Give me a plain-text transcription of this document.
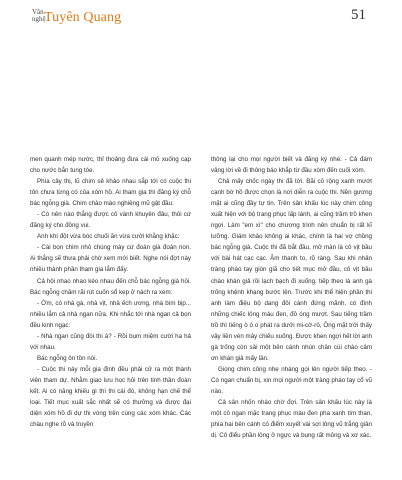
Văn
nghệ
Tuyên Quang	51

men quanh mép nước, thỉ thoảng đưa cái mỏ xuống cạp cho nước bắn tung tóe.

Phía cây thị, lũ chim sẻ khảo nhau sắp tới có cuộc thi tôn chưa từng có của xóm hồ. Ai tham gia thì đăng ký chỗ bác ngỗng già. Chim chào mào nghiêng mũ gật đầu:

- Có nên nào thắng được cô vành khuyên đâu, thôi cứ đăng ký cho đông vui.

Anh khí đột vừa bóc chuối ăn vừa cười khằng khặc:

- Cái bọn chim nhỏ chúng mày cứ đoán già đoán non. Ai thắng sẽ thưa phải chờ xem mới biết. Nghe nói đợt này nhiều thành phần tham gia lắm đấy.

Cả hội nhao nhao kéo nhau đến chỗ bác ngỗng già hỏi. Bác ngỗng chăm rãi rút cuốn sổ kẹp ở nách ra xem:

- Ờm, có nhà gà, nhà vịt, nhà ếch ương, nhà bìm bịp... nhiều lắm cả nhà ngan nữa. Khi nhắc tới nhà ngan cả bọn đều kinh ngạc:

- Nhà ngan cũng đòi thi á? - Rồi bụm miệm cười ha hả với nhau.

Bác ngỗng ôn tồn nói.

- Cuộc thi này mỗi gia đình đều phải cử ra một thành viên tham dự. Nhằm giao lưu học hỏi trên tinh thần đoàn kết. Ai có năng khiếu gì thì thi cái đó, không hạn chế thể loại. Tiết mục xuất sắc nhất sẽ có thưởng và được đại diện xóm hồ đi dự thi vòng trên cùng các xóm khác. Các chàu nghe rõ và truyền

thông lại cho mọi người biết và đăng ký nhé. - Cả đám vâng lời về đi thông báo khắp từ đầu xóm đến cuối xóm.

Chả mấy chốc ngày thi đã tới. Bãi cỏ rộng xanh mướt cạnh bờ hồ được chọn là nơi diễn ra cuộc thi. Nền gương mặt ai cũng đầy tự tin. Trên sân khấu lúc này chim công xuất hiện với bộ trang phục lấp lánh, ai cũng trầm trồ khen ngợi. Làm "em xì" cho chương trình nên chuẩn bị rất kĩ lưỡng. Giám khảo không ai khác, chính là hai vợ chồng bác ngỗng già. Cuộc thi đã bắt đầu, mở màn là cô vịt bầu với bài hát cạc cạc. Âm thanh to, rõ ràng. Sau khi nhân tràng pháo tay giòn giã cho tiết mục mở đầu, cô vịt bầu chào khán giả rồi lạch bạch đi xuống. tiếp theo là anh gà trống khệnh khạng bước lên. Trước khi thể hiện phần thi anh làm điệu bộ dang đôi cánh đứng mãnh, có đính những chiếc lông màu đen, đỏ óng mượt. Sau tiếng trầm trồ thì tiếng ò ó o phát ra dưới mi-cờ-rô, Ông mặt trời thấy vậy liền vén mây chiếu xuống. Được khen ngợi hết lời anh gà trống còn sải một bên cánh nhún chân cúi chào cảm ơn khán giả mấy lần.

Giọng chim công nhẹ nhàng gọi lên người tiếp theo. - Có ngan chuẩn bị, xin mọi người một tràng pháo tay cổ vũ nào.

Cả sân nhốn nháo chờ đợi. Trên sân khấu lúc này là một cô ngan mặc trang phục màu đen pha xanh tím than, phía hai bên cánh có điểm xuyết vài sợi lông vũ trắng giản dị. Cô điểu phần lông ở ngực và bụng rất mỏng và xơ xác.
